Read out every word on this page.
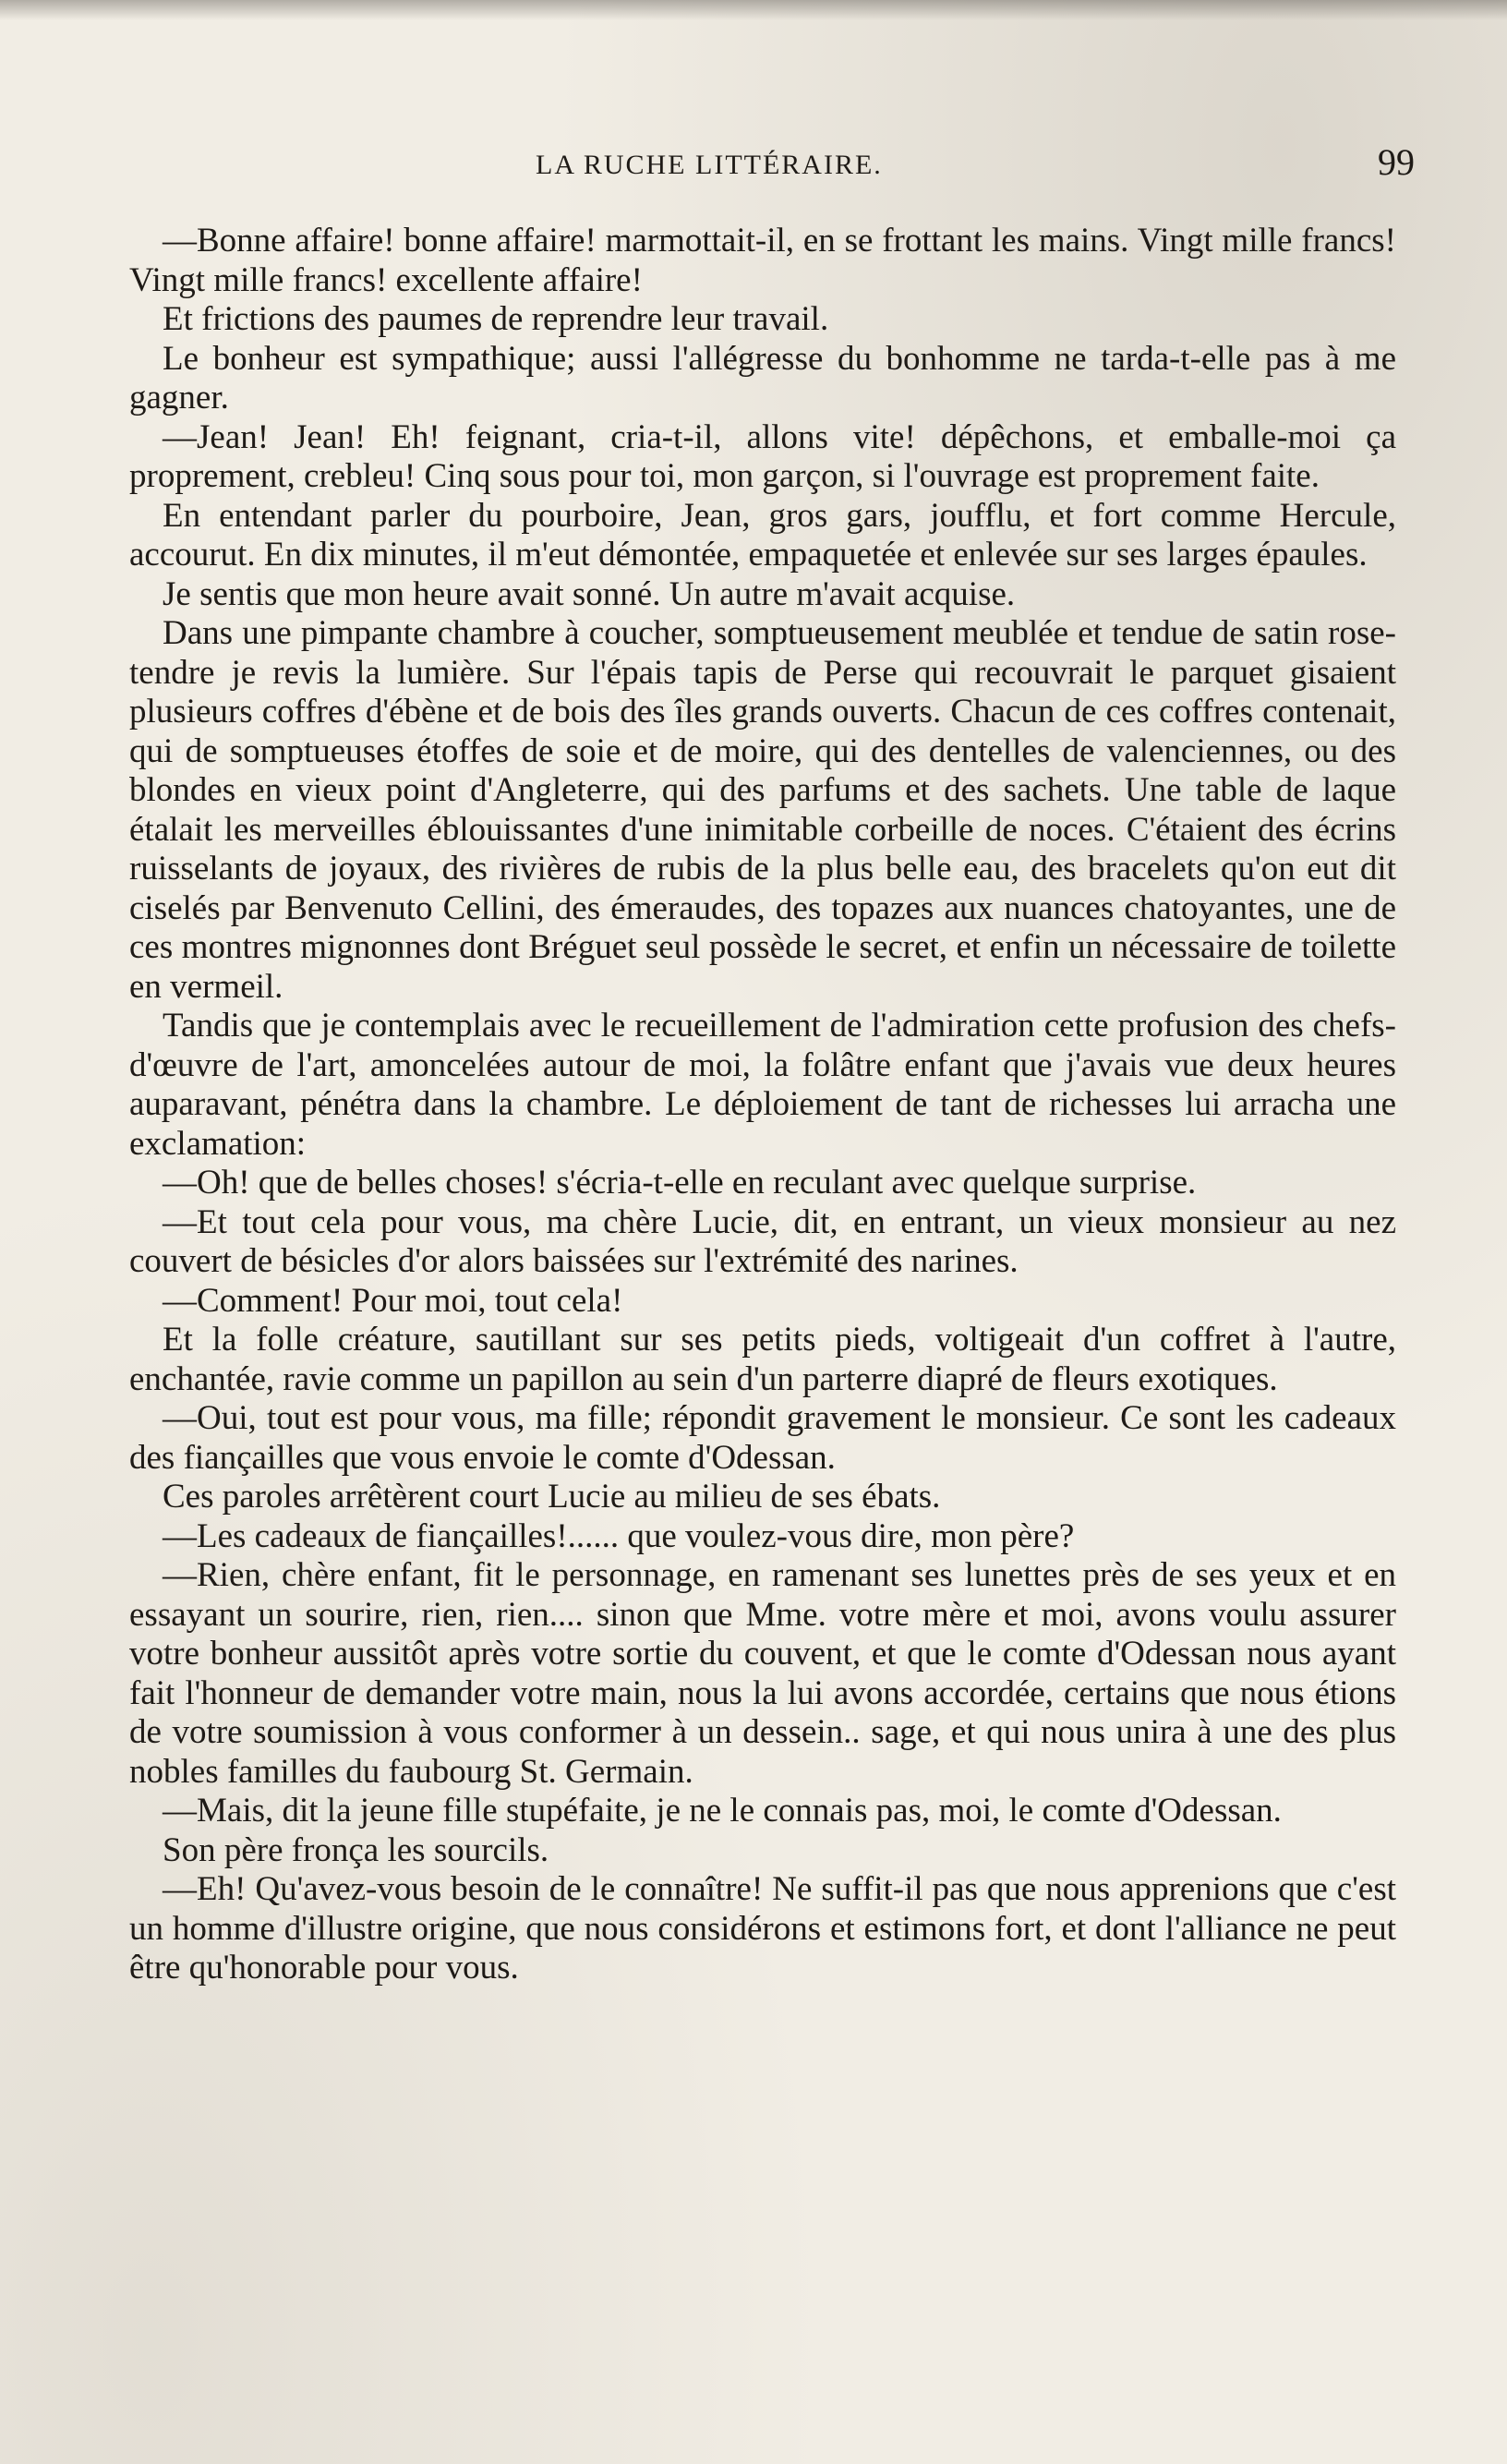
LA RUCHE LITTÉRAIRE.	99

—Bonne affaire! bonne affaire! marmottait-il, en se frottant les mains. Vingt mille francs! Vingt mille francs! excellente affaire!

Et frictions des paumes de reprendre leur travail.

Le bonheur est sympathique; aussi l'allégresse du bonhomme ne tarda-t-elle pas à me gagner.

—Jean! Jean! Eh! feignant, cria-t-il, allons vite! dépêchons, et emballe-moi ça proprement, crebleu! Cinq sous pour toi, mon garçon, si l'ouvrage est proprement faite.

En entendant parler du pourboire, Jean, gros gars, joufflu, et fort comme Hercule, accourut. En dix minutes, il m'eut démontée, empaquetée et enlevée sur ses larges épaules.

Je sentis que mon heure avait sonné. Un autre m'avait acquise.

Dans une pimpante chambre à coucher, somptueusement meublée et tendue de satin rose-tendre je revis la lumière. Sur l'épais tapis de Perse qui recouvrait le parquet gisaient plusieurs coffres d'ébène et de bois des îles grands ouverts. Chacun de ces coffres contenait, qui de somptueuses étoffes de soie et de moire, qui des dentelles de valenciennes, ou des blondes en vieux point d'Angleterre, qui des parfums et des sachets. Une table de laque étalait les merveilles éblouissantes d'une inimitable corbeille de noces. C'étaient des écrins ruisselants de joyaux, des rivières de rubis de la plus belle eau, des bracelets qu'on eut dit ciselés par Benvenuto Cellini, des émeraudes, des topazes aux nuances chatoyantes, une de ces montres mignonnes dont Bréguet seul possède le secret, et enfin un nécessaire de toilette en vermeil.

Tandis que je contemplais avec le recueillement de l'admiration cette profusion des chefs-d'œuvre de l'art, amoncelées autour de moi, la folâtre enfant que j'avais vue deux heures auparavant, pénétra dans la chambre. Le déploiement de tant de richesses lui arracha une exclamation:

—Oh! que de belles choses! s'écria-t-elle en reculant avec quelque surprise.

—Et tout cela pour vous, ma chère Lucie, dit, en entrant, un vieux monsieur au nez couvert de bésicles d'or alors baissées sur l'extrémité des narines.

—Comment! Pour moi, tout cela!

Et la folle créature, sautillant sur ses petits pieds, voltigeait d'un coffret à l'autre, enchantée, ravie comme un papillon au sein d'un parterre diapré de fleurs exotiques.

—Oui, tout est pour vous, ma fille; répondit gravement le monsieur. Ce sont les cadeaux des fiançailles que vous envoie le comte d'Odessan.

Ces paroles arrêtèrent court Lucie au milieu de ses ébats.

—Les cadeaux de fiançailles!...... que voulez-vous dire, mon père?

—Rien, chère enfant, fit le personnage, en ramenant ses lunettes près de ses yeux et en essayant un sourire, rien, rien.... sinon que Mme. votre mère et moi, avons voulu assurer votre bonheur aussitôt après votre sortie du couvent, et que le comte d'Odessan nous ayant fait l'honneur de demander votre main, nous la lui avons accordée, certains que nous étions de votre soumission à vous conformer à un dessein.. sage, et qui nous unira à une des plus nobles familles du faubourg St. Germain.

—Mais, dit la jeune fille stupéfaite, je ne le connais pas, moi, le comte d'Odessan.

Son père fronça les sourcils.

—Eh! Qu'avez-vous besoin de le connaître! Ne suffit-il pas que nous apprenions que c'est un homme d'illustre origine, que nous considérons et estimons fort, et dont l'alliance ne peut être qu'honorable pour vous.
